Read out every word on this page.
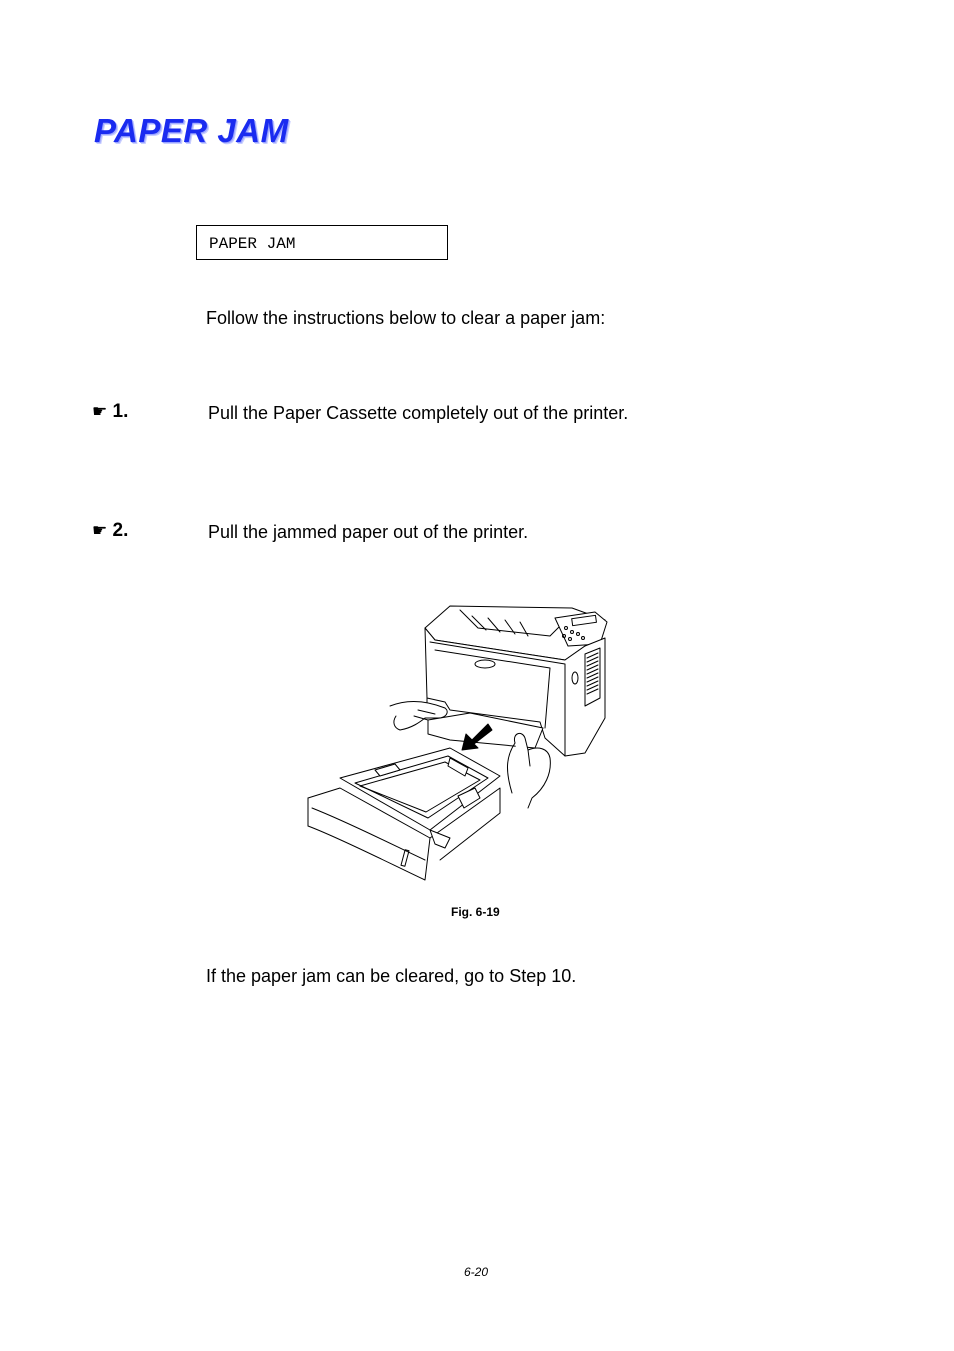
PAPER JAM
PAPER JAM

Follow the instructions below to clear a paper jam:

☛ 1.	Pull the Paper Cassette completely out of the printer.

☛ 2.	Pull the jammed paper out of the printer.

Fig. 6-19

If the paper jam can be cleared, go to Step 10.

6-20
